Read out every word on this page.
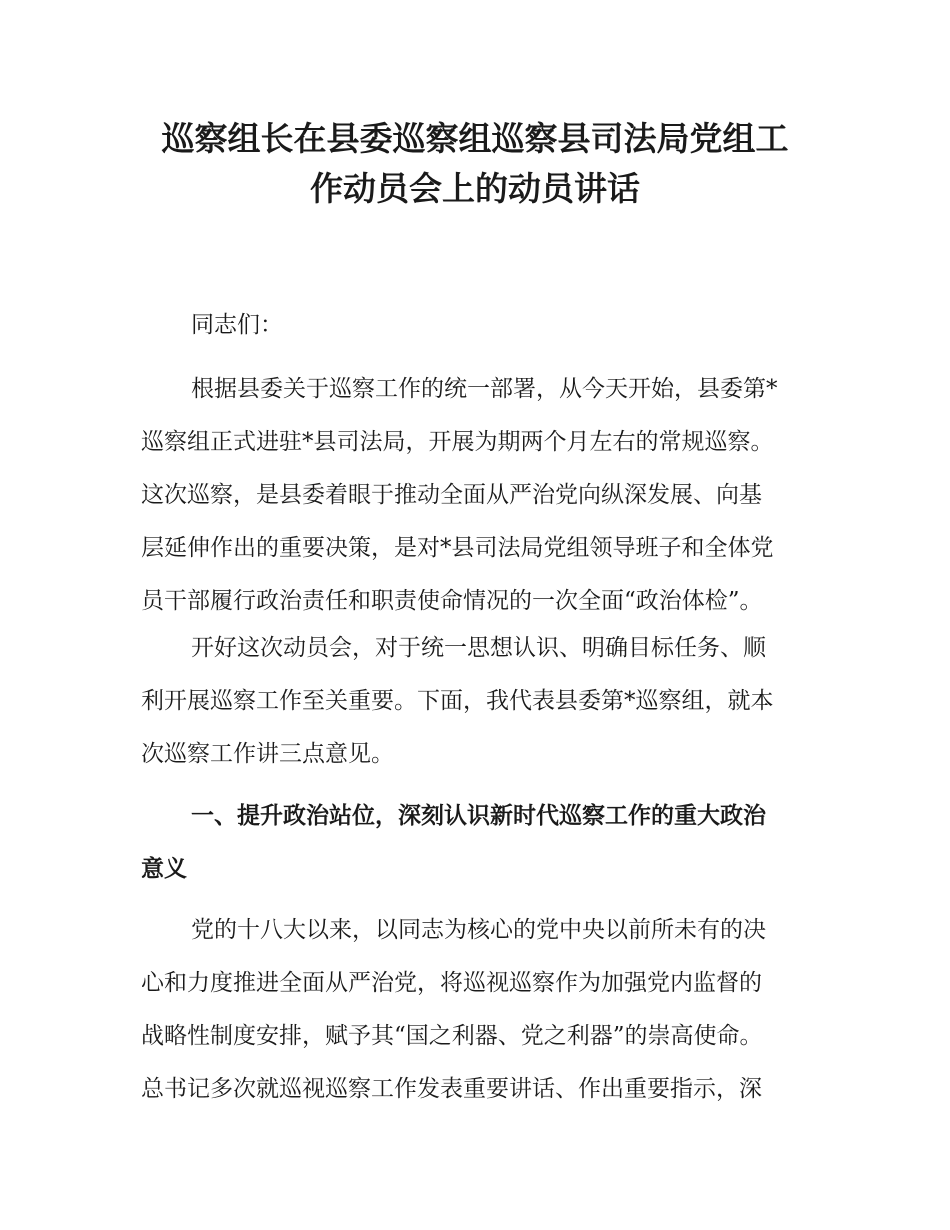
巡察组长在县委巡察组巡察县司法局党组工
作动员会上的动员讲话

同志们：

根据县委关于巡察工作的统一部署，从今天开始，县委第*
巡察组正式进驻*县司法局，开展为期两个月左右的常规巡察。
这次巡察，是县委着眼于推动全面从严治党向纵深发展、向基
层延伸作出的重要决策，是对*县司法局党组领导班子和全体党
员干部履行政治责任和职责使命情况的一次全面“政治体检”。

开好这次动员会，对于统一思想认识、明确目标任务、顺
利开展巡察工作至关重要。下面，我代表县委第*巡察组，就本
次巡察工作讲三点意见。

一、提升政治站位，深刻认识新时代巡察工作的重大政治
意义

党的十八大以来，以同志为核心的党中央以前所未有的决
心和力度推进全面从严治党，将巡视巡察作为加强党内监督的
战略性制度安排，赋予其“国之利器、党之利器”的崇高使命。
总书记多次就巡视巡察工作发表重要讲话、作出重要指示，深
